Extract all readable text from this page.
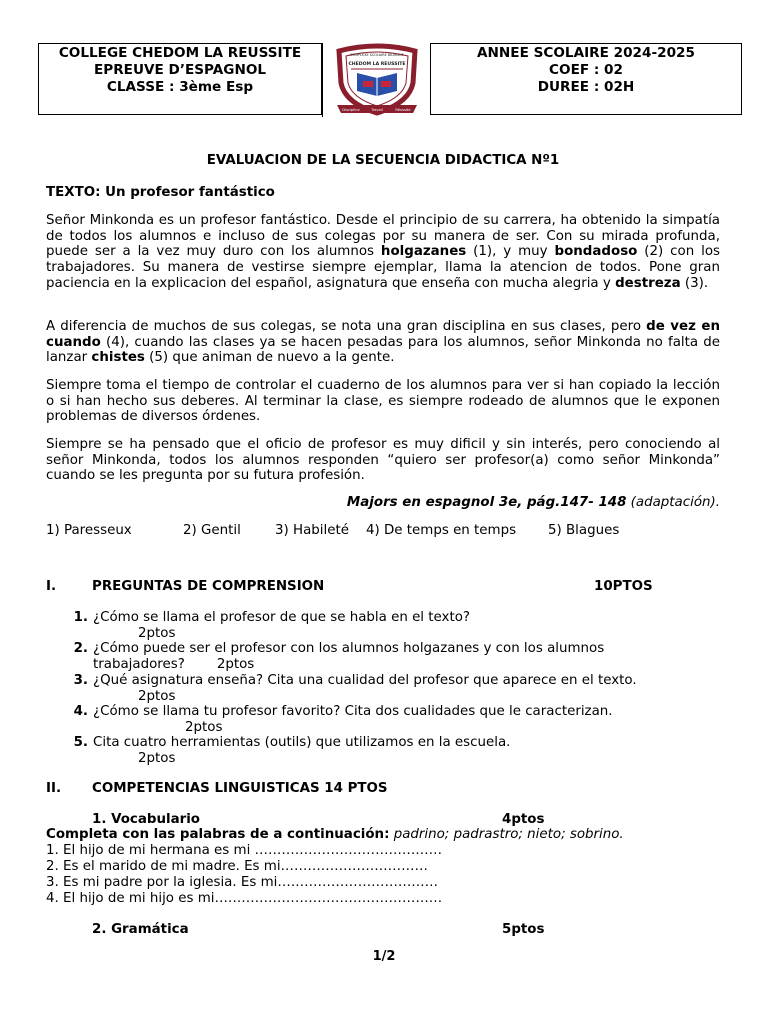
COLLEGE CHEDOM LA REUSSITE
EPREUVE D’ESPAGNOL
CLASSE : 3ème Esp
COMPLEXE SCOLAIRE BILINGUE
CHEDOM LA REUSSITE
Discipline	Travail	Réussite
ANNEE SCOLAIRE 2024-2025
COEF : 02
DUREE : 02H
EVALUACION DE LA SECUENCIA DIDACTICA Nº1
TEXTO: Un profesor fantástico
Señor Minkonda es un profesor fantástico. Desde el principio de su carrera, ha obtenido la simpatía de todos los alumnos e incluso de sus colegas por su manera de ser. Con su mirada profunda, puede ser a la vez muy duro con los alumnos holgazanes (1), y muy bondadoso (2) con los trabajadores. Su manera de vestirse siempre ejemplar, llama la atencion de todos. Pone gran paciencia en la explicacion del español, asignatura que enseña con mucha alegria y destreza (3).
A diferencia de muchos de sus colegas, se nota una gran disciplina en sus clases, pero de vez en cuando (4), cuando las clases ya se hacen pesadas para los alumnos, señor Minkonda no falta de lanzar chistes (5) que animan de nuevo a la gente.
Siempre toma el tiempo de controlar el cuaderno de los alumnos para ver si han copiado la lección o si han hecho sus deberes. Al terminar la clase, es siempre rodeado de alumnos que le exponen problemas de diversos órdenes.
Siempre se ha pensado que el oficio de profesor es muy dificil y sin interés, pero conociendo al señor Minkonda, todos los alumnos responden “quiero ser profesor(a) como señor Minkonda” cuando se les pregunta por su futura profesión.
Majors en espagnol 3e, pág.147- 148 (adaptación).
1) Paresseux	2) Gentil	3) Habileté 4) De temps en temps 5) Blagues
I.	PREGUNTAS DE COMPRENSION	10PTOS
1. ¿Cómo se llama el profesor de que se habla en el texto?
2ptos
2. ¿Cómo puede ser el profesor con los alumnos holgazanes y con los alumnos trabajadores? 2ptos
3. ¿Qué asignatura enseña? Cita una cualidad del profesor que aparece en el texto.
2ptos
4. ¿Cómo se llama tu profesor favorito? Cita dos cualidades que le caracterizan.
2ptos
5. Cita cuatro herramientas (outils) que utilizamos en la escuela.
2ptos
II. COMPETENCIAS LINGUISTICAS 14 PTOS
1. Vocabulario	4ptos
Completa con las palabras de a continuación: padrino; padrastro; nieto; sobrino.
1. El hijo de mi hermana es mi ……………………………………
2. Es el marido de mi madre. Es mi……………………………
3. Es mi padre por la iglesia. Es mi………………………………
4. El hijo de mi hijo es mi……………………………………………
2. Gramática	5ptos
1/2
